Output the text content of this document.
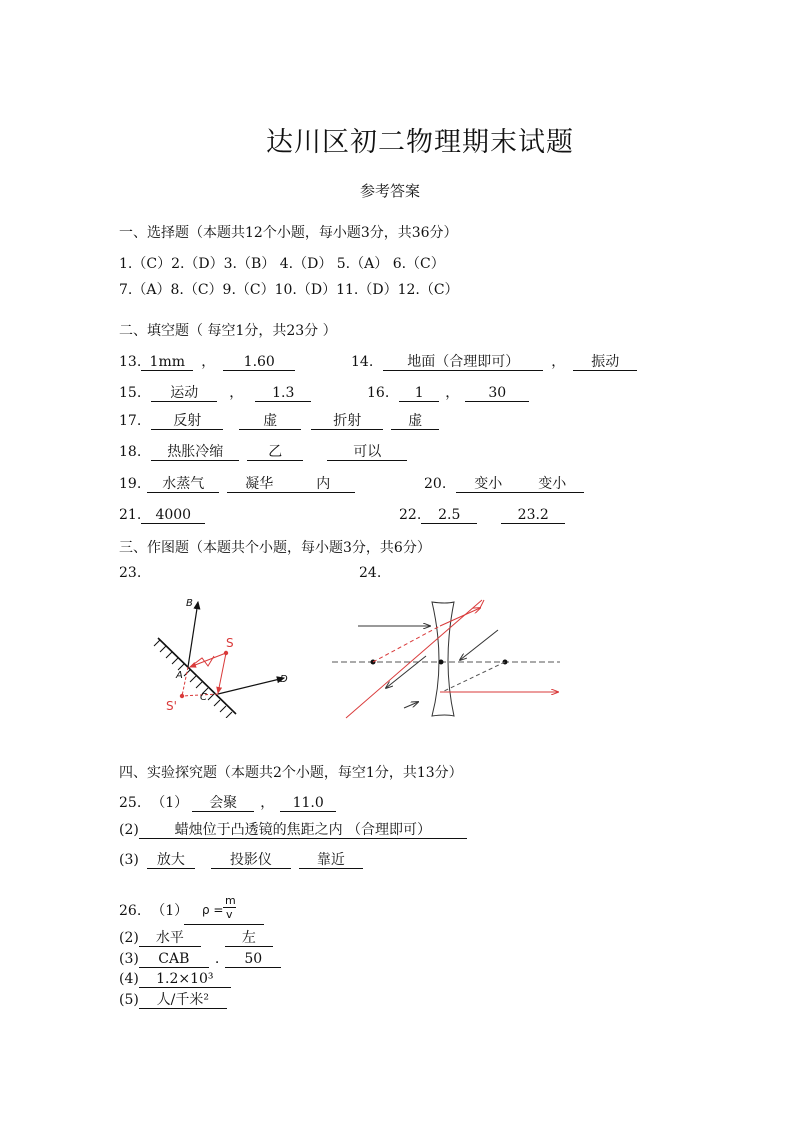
达川区初二物理期末试题
参考答案
一、选择题（本题共12个小题，每小题3分，共36分）
1.（C）2.（D）3.（B） 4.（D） 5.（A） 6.（C）
7.（A）8.（C）9.（C）10.（D）11.（D）12.（C）
二、填空题（ 每空1分，共23分 ）
13. 1mm ， 1.60	14. 地面（合理即可） ， 振动
15. 运动 ， 1.3	16. 1 ， 30
17. 反射	虚	折射	虚
18. 热胀冷缩	乙	可以
19. 水蒸气	凝华	内	20. 变小	变小
21. 4000	22. 2.5	23.2
三、作图题（本题共个小题，每小题3分，共6分）
23.	24.
B
S
S'
A
C
D
四、实验探究题（本题共2个小题，每空1分，共13分）
25. （1） 会聚 ， 11.0
(2)	蜡烛位于凸透镜的焦距之内 （合理即可）
(3) 放大	投影仪	靠近
26. （1） ρ =
m
v
(2) 水平	左
(3) CAB . 50
(4) 1.2×10³
(5) 人/千米²
